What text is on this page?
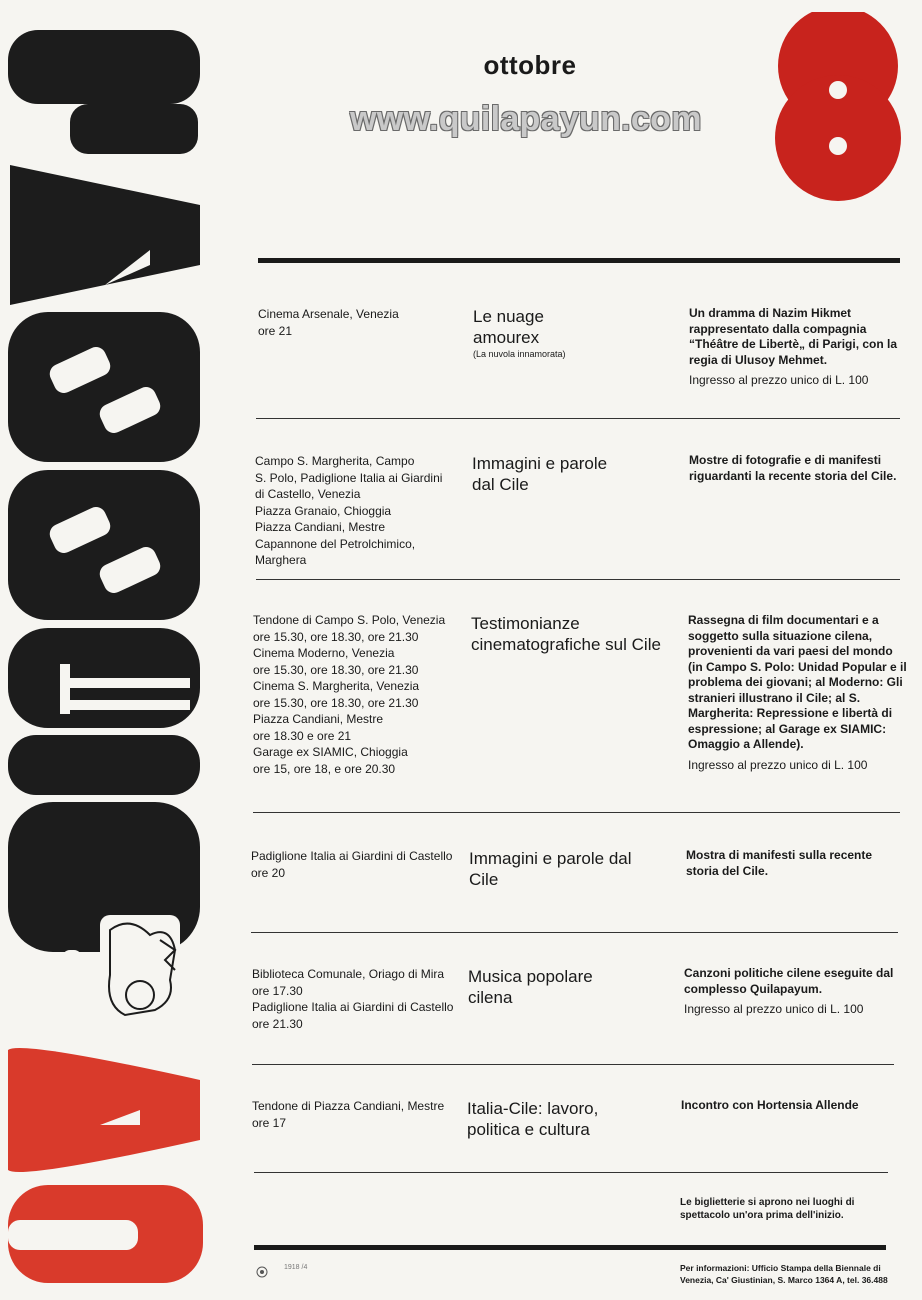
ottobre
www.quilapayun.com
Cinema Arsenale, Venezia
ore 21
Le nuage amourex
(La nuvola innamorata)
Un dramma di Nazim Hikmet rappresentato dalla compagnia “Théâtre de Libertè„ di Parigi, con la regia di Ulusoy Mehmet.
Ingresso al prezzo unico di L. 100
Campo S. Margherita, Campo
S. Polo, Padiglione Italia ai Giardini
di Castello, Venezia
Piazza Granaio, Chioggia
Piazza Candiani, Mestre
Capannone del Petrolchimico,
Marghera
Immagini e parole dal Cile
Mostre di fotografie e di manifesti riguardanti la recente storia del Cile.
Tendone di Campo S. Polo, Venezia
ore 15.30, ore 18.30, ore 21.30
Cinema Moderno, Venezia
ore 15.30, ore 18.30, ore 21.30
Cinema S. Margherita, Venezia
ore 15.30, ore 18.30, ore 21.30
Piazza Candiani, Mestre
ore 18.30 e ore 21
Garage ex SIAMIC, Chioggia
ore 15, ore 18, e ore 20.30
Testimonianze cinematografiche sul Cile
Rassegna di film documentari e a soggetto sulla situazione cilena, provenienti da vari paesi del mondo (in Campo S. Polo: Unidad Popular e il problema dei giovani; al Moderno: Gli stranieri illustrano il Cile; al S. Margherita: Repressione e libertà di espressione; al Garage ex SIAMIC: Omaggio a Allende).
Ingresso al prezzo unico di L. 100
Padiglione Italia ai Giardini di Castello
ore 20
Immagini e parole dal Cile
Mostra di manifesti sulla recente storia del Cile.
Biblioteca Comunale, Oriago di Mira
ore 17.30
Padiglione Italia ai Giardini di Castello
ore 21.30
Musica popolare cilena
Canzoni politiche cilene eseguite dal complesso Quilapayum.
Ingresso al prezzo unico di L. 100
Tendone di Piazza Candiani, Mestre
ore 17
Italia-Cile: lavoro, politica e cultura
Incontro con Hortensia Allende
Le biglietterie si aprono nei luoghi di spettacolo un'ora prima dell'inizio.
1918 /4	Per informazioni: Ufficio Stampa della Biennale di Venezia, Ca' Giustinian, S. Marco 1364 A, tel. 36.488
